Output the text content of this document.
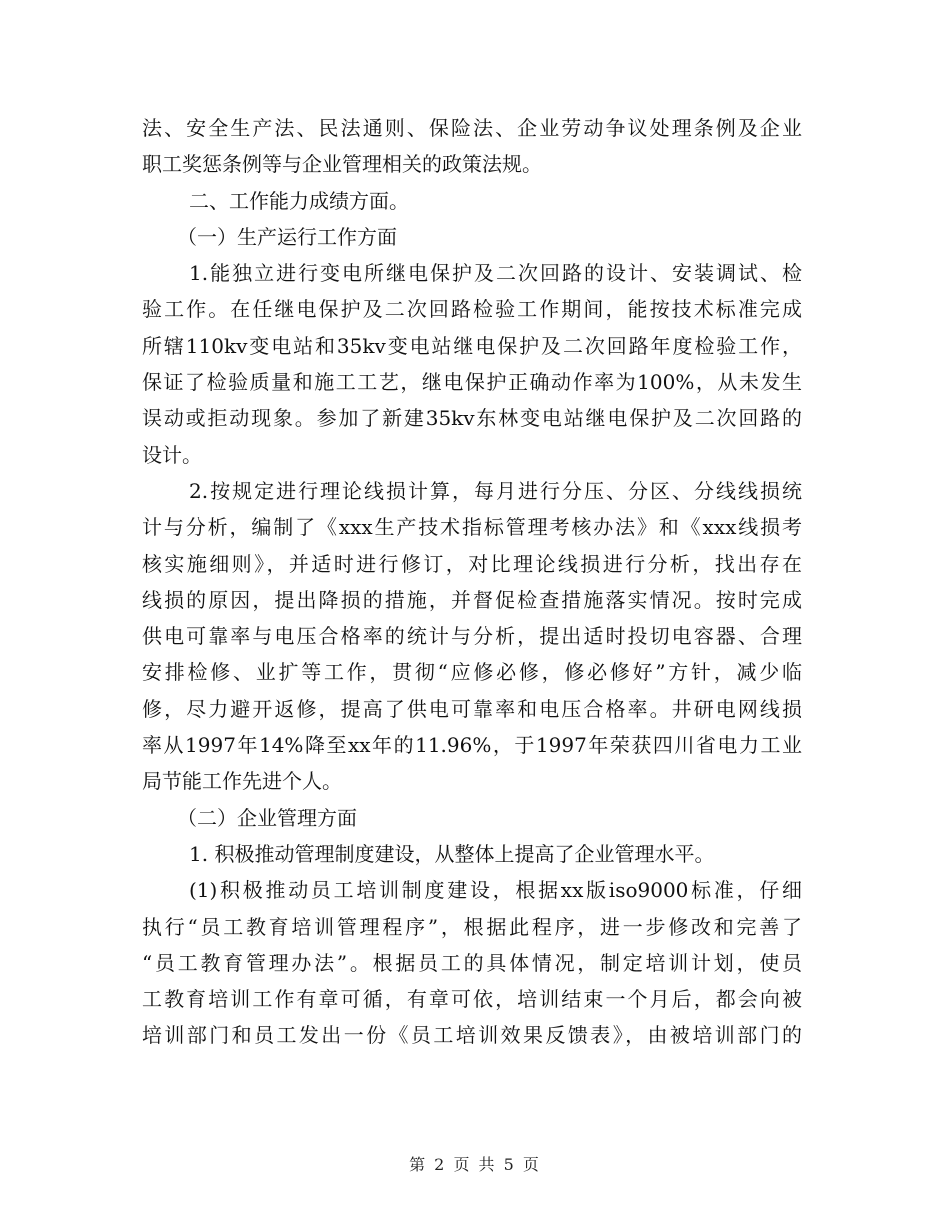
法、安全生产法、民法通则、保险法、企业劳动争议处理条例及企业
职工奖惩条例等与企业管理相关的政策法规。
二、工作能力成绩方面。
（一）生产运行工作方面
1.能独立进行变电所继电保护及二次回路的设计、安装调试、检
验工作。在任继电保护及二次回路检验工作期间，能按技术标准完成
所辖110kv变电站和35kv变电站继电保护及二次回路年度检验工作，
保证了检验质量和施工工艺，继电保护正确动作率为100%，从未发生
误动或拒动现象。参加了新建35kv东林变电站继电保护及二次回路的
设计。
2.按规定进行理论线损计算，每月进行分压、分区、分线线损统
计与分析，编制了《xxx生产技术指标管理考核办法》和《xxx线损考
核实施细则》，并适时进行修订，对比理论线损进行分析，找出存在
线损的原因，提出降损的措施，并督促检查措施落实情况。按时完成
供电可靠率与电压合格率的统计与分析，提出适时投切电容器、合理
安排检修、业扩等工作，贯彻“应修必修，修必修好”方针，减少临
修，尽力避开返修，提高了供电可靠率和电压合格率。井研电网线损
率从1997年14%降至xx年的11.96%，于1997年荣获四川省电力工业
局节能工作先进个人。
（二）企业管理方面
1. 积极推动管理制度建设，从整体上提高了企业管理水平。
(1)积极推动员工培训制度建设，根据xx版iso9000标准，仔细
执行“员工教育培训管理程序”，根据此程序，进一步修改和完善了
“员工教育管理办法”。根据员工的具体情况，制定培训计划，使员
工教育培训工作有章可循，有章可依，培训结束一个月后，都会向被
培训部门和员工发出一份《员工培训效果反馈表》，由被培训部门的
第 2 页 共 5 页
